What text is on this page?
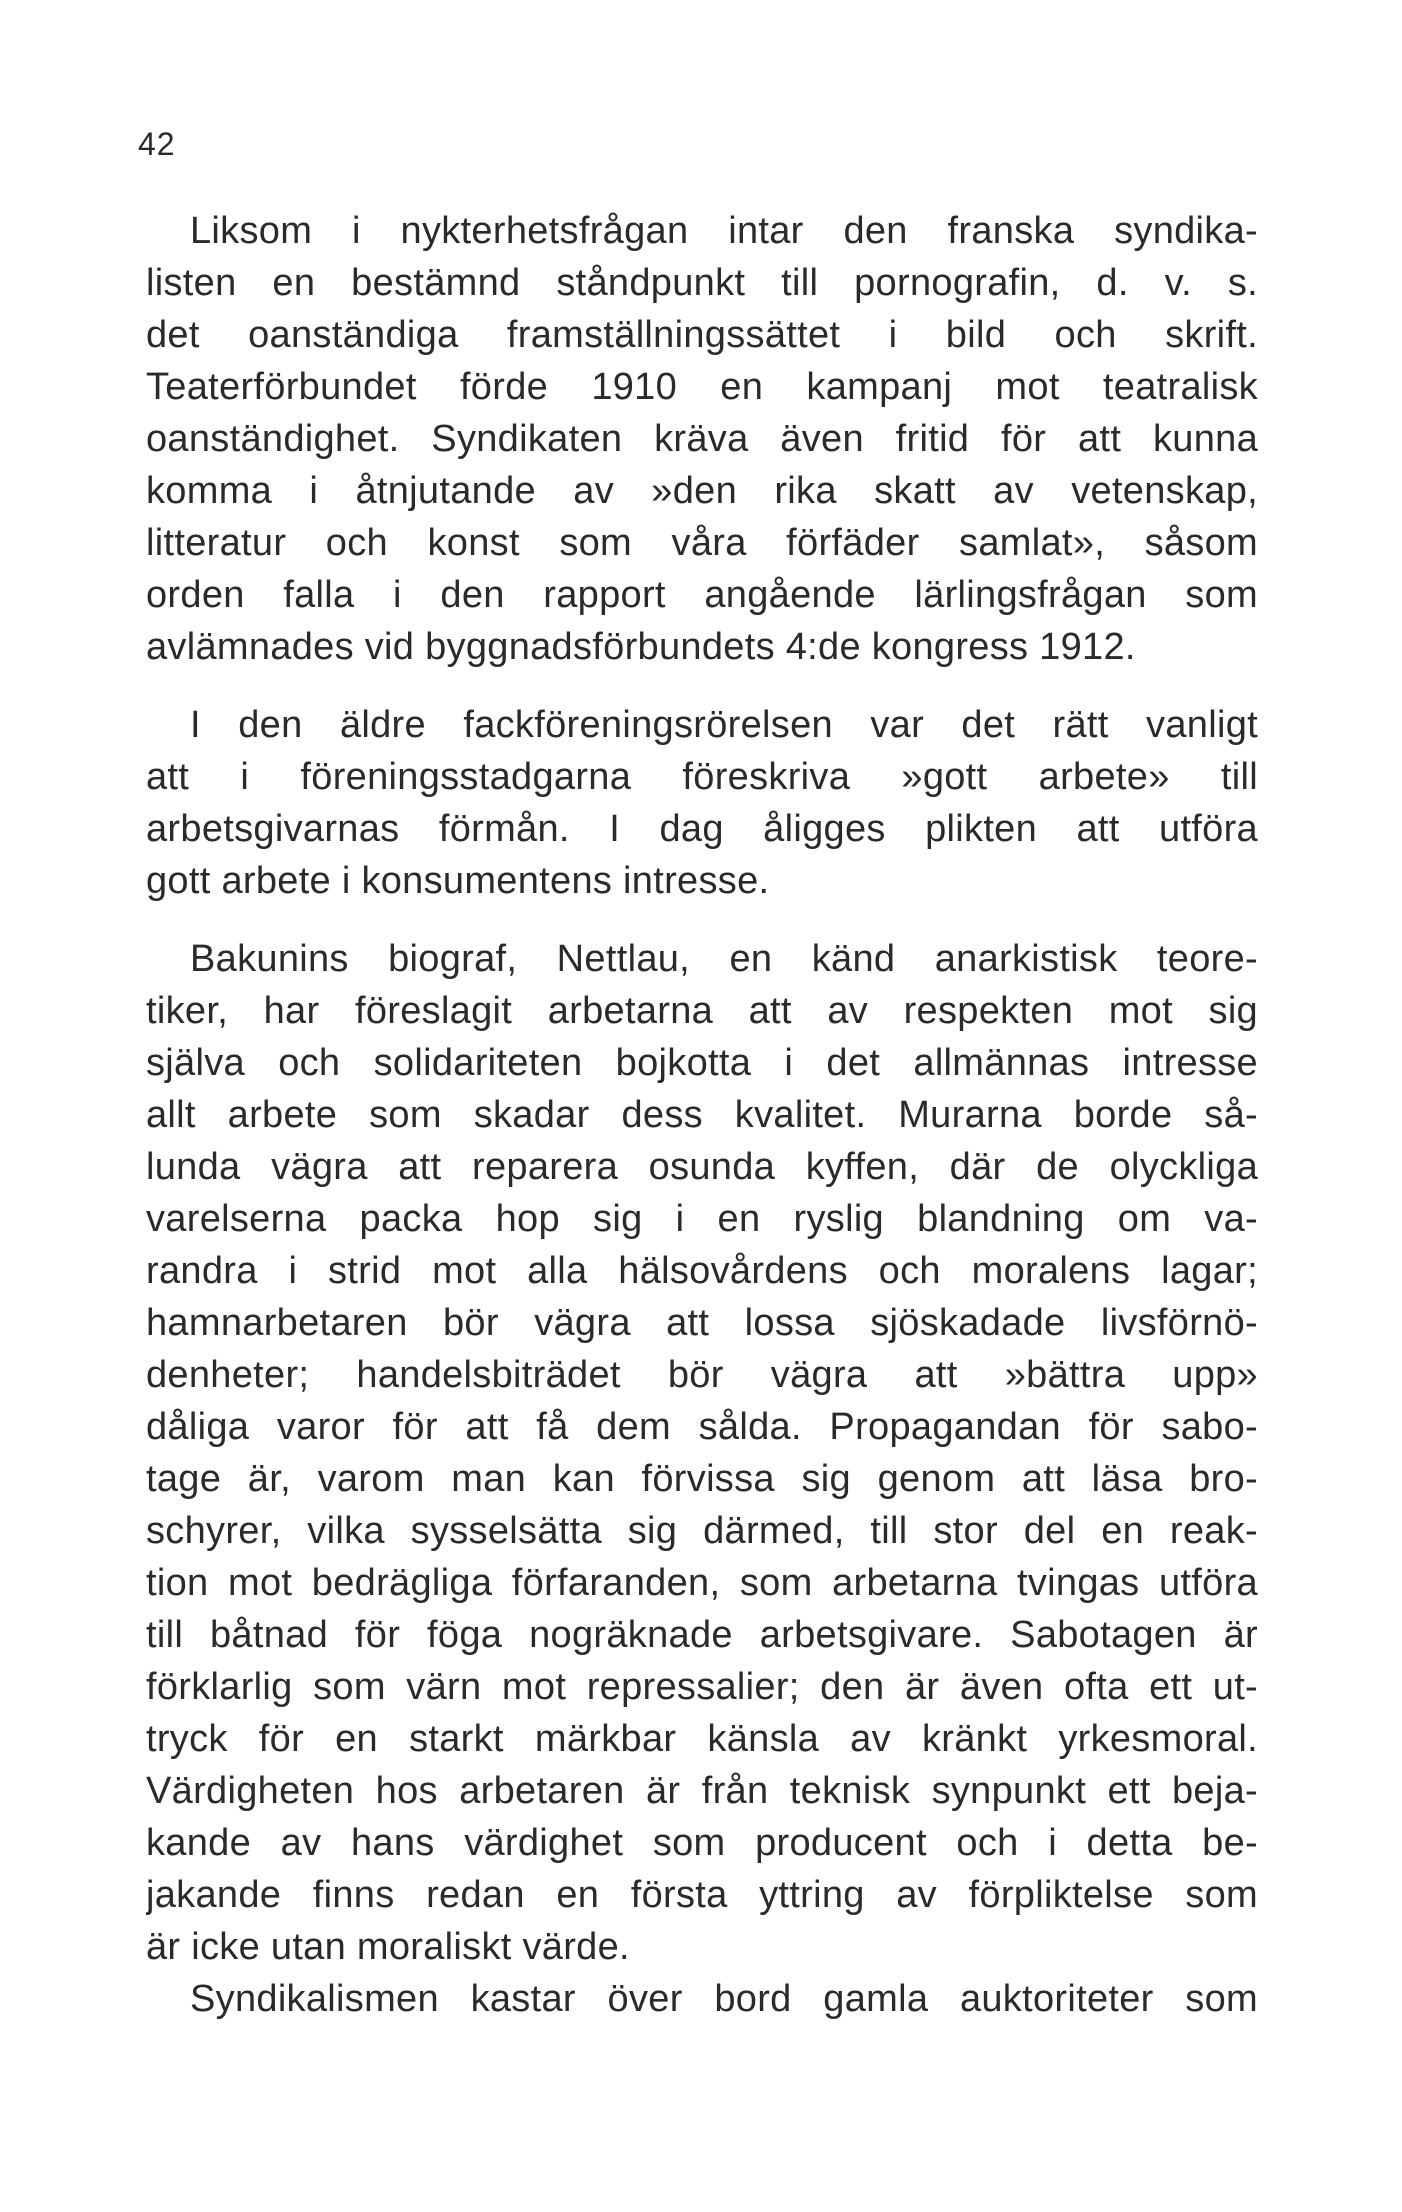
42
Liksom i nykterhetsfrågan intar den franska syndika-
listen en bestämnd ståndpunkt till pornografin, d. v. s.
det oanständiga framställningssättet i bild och skrift.
Teaterförbundet förde 1910 en kampanj mot teatralisk
oanständighet. Syndikaten kräva även fritid för att kunna
komma i åtnjutande av »den rika skatt av vetenskap,
litteratur och konst som våra förfäder samlat», såsom
orden falla i den rapport angående lärlingsfrågan som
avlämnades vid byggnadsförbundets 4:de kongress 1912.
I den äldre fackföreningsrörelsen var det rätt vanligt
att i föreningsstadgarna föreskriva »gott arbete» till
arbetsgivarnas förmån. I dag åligges plikten att utföra
gott arbete i konsumentens intresse.
Bakunins biograf, Nettlau, en känd anarkistisk teore-
tiker, har föreslagit arbetarna att av respekten mot sig
själva och solidariteten bojkotta i det allmännas intresse
allt arbete som skadar dess kvalitet. Murarna borde så-
lunda vägra att reparera osunda kyffen, där de olyckliga
varelserna packa hop sig i en ryslig blandning om va-
randra i strid mot alla hälsovårdens och moralens lagar;
hamnarbetaren bör vägra att lossa sjöskadade livsförnö-
denheter; handelsbiträdet bör vägra att »bättra upp»
dåliga varor för att få dem sålda. Propagandan för sabo-
tage är, varom man kan förvissa sig genom att läsa bro-
schyrer, vilka sysselsätta sig därmed, till stor del en reak-
tion mot bedrägliga förfaranden, som arbetarna tvingas utföra
till båtnad för föga nogräknade arbetsgivare. Sabotagen är
förklarlig som värn mot repressalier; den är även ofta ett ut-
tryck för en starkt märkbar känsla av kränkt yrkesmoral.
Värdigheten hos arbetaren är från teknisk synpunkt ett beja-
kande av hans värdighet som producent och i detta be-
jakande finns redan en första yttring av förpliktelse som
är icke utan moraliskt värde.
Syndikalismen kastar över bord gamla auktoriteter som
